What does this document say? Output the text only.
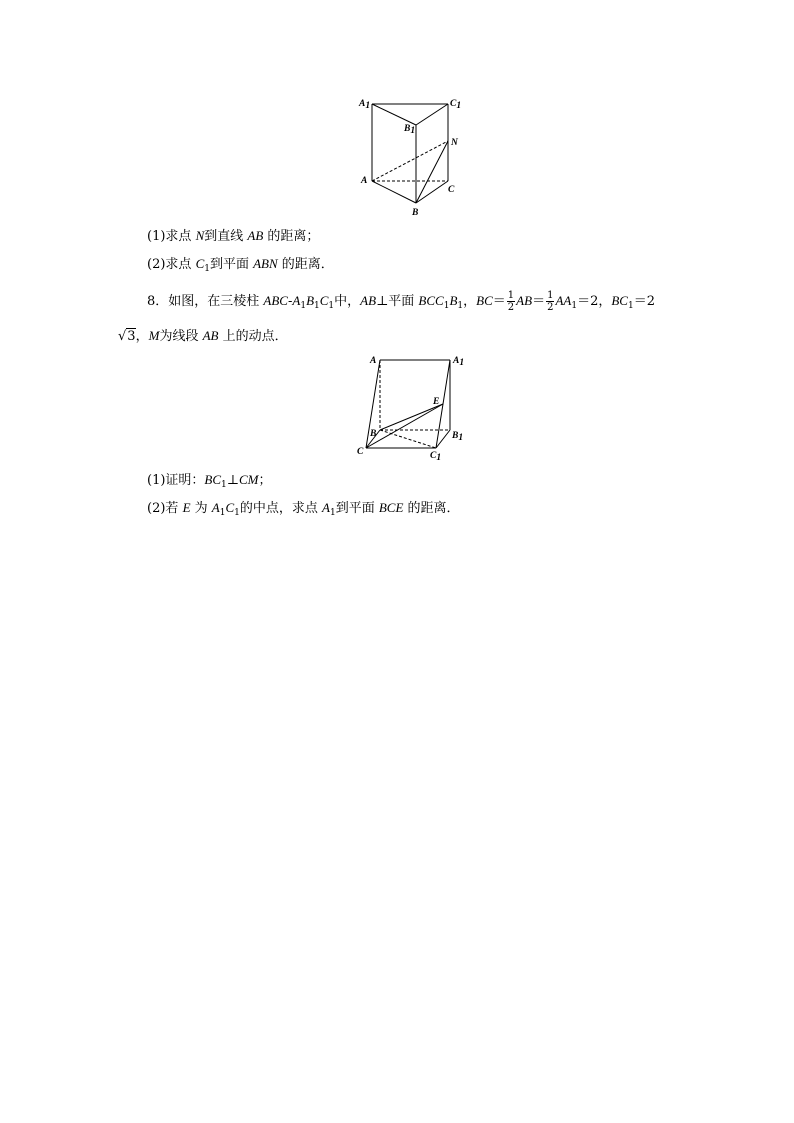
A1	C1
B1
N
A
C
B
(1)求点 N到直线 AB 的距离；
(2)求点 $C_1$到平面 ABN 的距离．
8．如图，在三棱柱 ABC-$A_1B_1C_1$中，AB⊥平面 $BCC_1B_1$，$BC= \frac{1}{2} AB= \frac{1}{2} AA_1=2$，$BC_1=2$
√3，M为线段 AB 上的动点．
A	A1
E
B	B1
C	C1
(1)证明：$BC_1\perp CM$；
(2)若 E 为 $A_1C_1$的中点，求点 $A_1$到平面 BCE 的距离．
